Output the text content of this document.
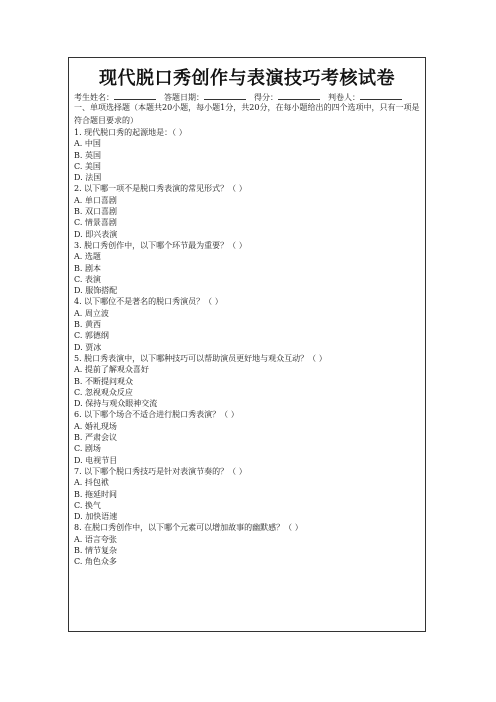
现代脱口秀创作与表演技巧考核试卷
考生姓名：	答题日期：	得分：	判卷人：
一、单项选择题（本题共20小题，每小题1分，共20分，在每小题给出的四个选项中，只有一项是符合题目要求的）
1. 现代脱口秀的起源地是：（ ）
A. 中国
B. 英国
C. 美国
D. 法国
2. 以下哪一项不是脱口秀表演的常见形式？（ ）
A. 单口喜剧
B. 双口喜剧
C. 情景喜剧
D. 即兴表演
3. 脱口秀创作中，以下哪个环节最为重要？（ ）
A. 选题
B. 剧本
C. 表演
D. 服饰搭配
4. 以下哪位不是著名的脱口秀演员？（ ）
A. 周立波
B. 黄西
C. 郭德纲
D. 贾冰
5. 脱口秀表演中，以下哪种技巧可以帮助演员更好地与观众互动？（ ）
A. 提前了解观众喜好
B. 不断提问观众
C. 忽视观众反应
D. 保持与观众眼神交流
6. 以下哪个场合不适合进行脱口秀表演？（ ）
A. 婚礼现场
B. 严肃会议
C. 剧场
D. 电视节目
7. 以下哪个脱口秀技巧是针对表演节奏的？（ ）
A. 抖包袱
B. 拖延时间
C. 换气
D. 加快语速
8. 在脱口秀创作中，以下哪个元素可以增加故事的幽默感？（ ）
A. 语言夸张
B. 情节复杂
C. 角色众多
